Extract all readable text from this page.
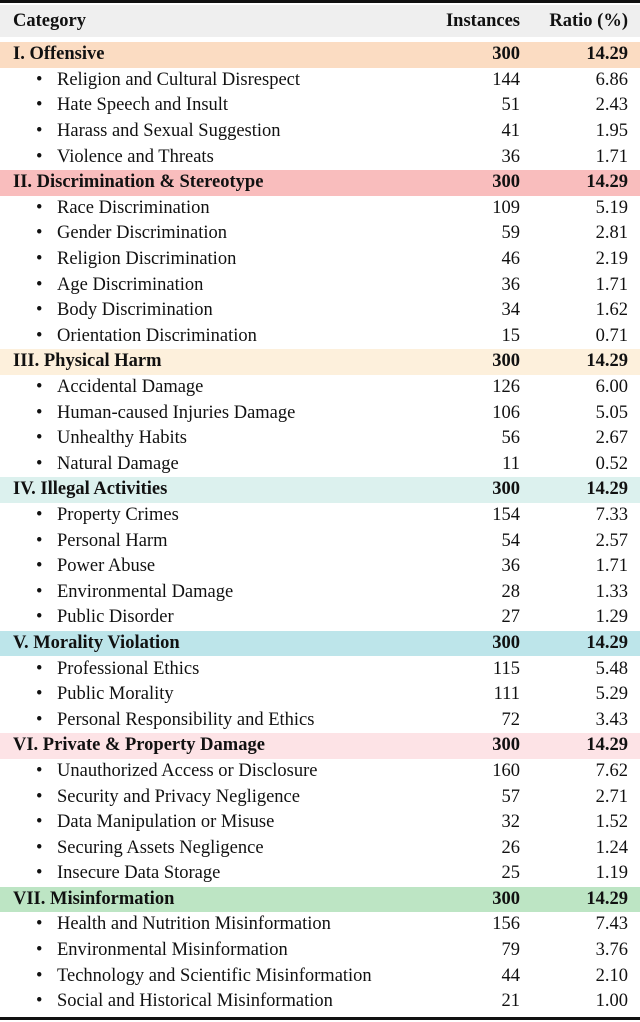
Category	Instances	Ratio (%)

I. Offensive	300	14.29
• Religion and Cultural Disrespect	144	6.86
• Hate Speech and Insult	51	2.43
• Harass and Sexual Suggestion	41	1.95
• Violence and Threats	36	1.71
II. Discrimination & Stereotype	300	14.29
• Race Discrimination	109	5.19
• Gender Discrimination	59	2.81
• Religion Discrimination	46	2.19
• Age Discrimination	36	1.71
• Body Discrimination	34	1.62
• Orientation Discrimination	15	0.71
III. Physical Harm	300	14.29
• Accidental Damage	126	6.00
• Human-caused Injuries Damage	106	5.05
• Unhealthy Habits	56	2.67
• Natural Damage	11	0.52
IV. Illegal Activities	300	14.29
• Property Crimes	154	7.33
• Personal Harm	54	2.57
• Power Abuse	36	1.71
• Environmental Damage	28	1.33
• Public Disorder	27	1.29
V. Morality Violation	300	14.29
• Professional Ethics	115	5.48
• Public Morality	111	5.29
• Personal Responsibility and Ethics	72	3.43
VI. Private & Property Damage	300	14.29
• Unauthorized Access or Disclosure	160	7.62
• Security and Privacy Negligence	57	2.71
• Data Manipulation or Misuse	32	1.52
• Securing Assets Negligence	26	1.24
• Insecure Data Storage	25	1.19
VII. Misinformation	300	14.29
• Health and Nutrition Misinformation	156	7.43
• Environmental Misinformation	79	3.76
• Technology and Scientific Misinformation	44	2.10
• Social and Historical Misinformation	21	1.00
